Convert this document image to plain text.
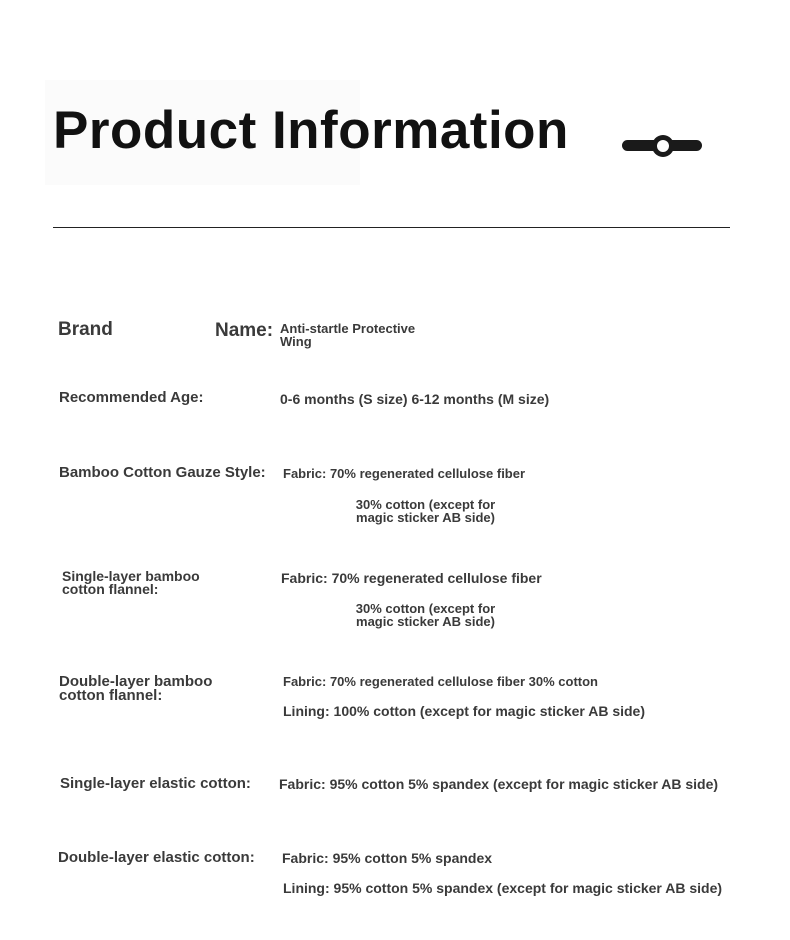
Product Information
Brand	Name: Anti-startle Protective Wing
Recommended Age:	0-6 months (S size) 6-12 months (M size)
Bamboo Cotton Gauze Style: Fabric: 70% regenerated cellulose fiber
30% cotton (except for magic sticker AB side)
Single-layer bamboo cotton flannel:
Fabric: 70% regenerated cellulose fiber
30% cotton (except for magic sticker AB side)
Double-layer bamboo cotton flannel:
Fabric: 70% regenerated cellulose fiber 30% cotton
Lining: 100% cotton (except for magic sticker AB side)
Single-layer elastic cotton: Fabric: 95% cotton 5% spandex (except for magic sticker AB side)
Double-layer elastic cotton: Fabric: 95% cotton 5% spandex
Lining: 95% cotton 5% spandex (except for magic sticker AB side)
